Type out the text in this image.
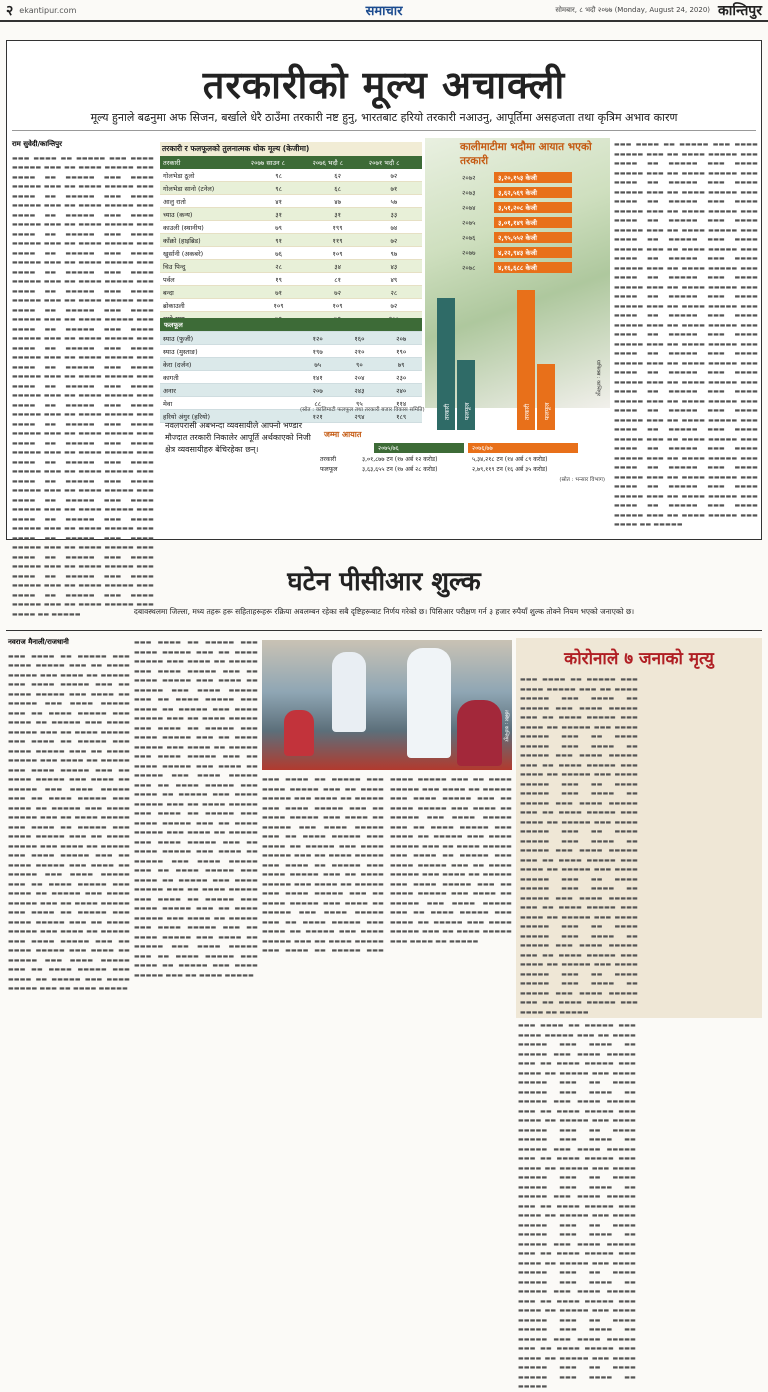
२ ekantipur.com	समाचार	सोमबार, ८ भदौ २०७७ (Monday, August 24, 2020) कान्तिपुर
तरकारीको मूल्य अचाक्ली
मूल्य हुनाले बढनुमा अफ सिजन, बर्खाले धेरै ठाउँमा तरकारी नष्ट हुनु, भारतबाट हरियो तरकारी नआउनु, आपूर्तिमा असहजता तथा कृत्रिम अभाव कारण
राम सुवेदी/कान्तिपुर
▬▬▬ ▬▬▬▬ ▬▬ ▬▬▬▬▬ ▬▬▬ ▬▬▬▬ ▬▬▬▬▬ ▬▬▬ ▬▬ ▬▬▬▬ ▬▬▬▬▬ ▬▬▬ ▬▬▬▬ ▬▬ ▬▬▬▬▬ ▬▬▬ ▬▬▬▬ ▬▬▬▬▬ ▬▬▬ ▬▬ ▬▬▬▬ ▬▬▬▬▬ ▬▬▬ ▬▬▬▬ ▬▬ ▬▬▬▬▬ ▬▬▬ ▬▬▬▬ ▬▬▬▬▬ ▬▬▬ ▬▬ ▬▬▬▬ ▬▬▬▬▬ ▬▬▬ ▬▬▬▬ ▬▬ ▬▬▬▬▬ ▬▬▬ ▬▬▬▬ ▬▬▬▬▬ ▬▬▬ ▬▬ ▬▬▬▬ ▬▬▬▬▬ ▬▬▬ ▬▬▬▬ ▬▬ ▬▬▬▬▬ ▬▬▬ ▬▬▬▬ ▬▬▬▬▬ ▬▬▬ ▬▬ ▬▬▬▬ ▬▬▬▬▬ ▬▬▬ ▬▬▬▬ ▬▬ ▬▬▬▬▬ ▬▬▬ ▬▬▬▬ ▬▬▬▬▬ ▬▬▬ ▬▬ ▬▬▬▬ ▬▬▬▬▬ ▬▬▬ ▬▬▬▬ ▬▬ ▬▬▬▬▬ ▬▬▬ ▬▬▬▬ ▬▬▬▬▬ ▬▬▬ ▬▬ ▬▬▬▬ ▬▬▬▬▬ ▬▬▬ ▬▬▬▬ ▬▬ ▬▬▬▬▬ ▬▬▬ ▬▬▬▬ ▬▬▬▬▬ ▬▬▬ ▬▬ ▬▬▬▬ ▬▬▬▬▬ ▬▬▬ ▬▬▬▬ ▬▬ ▬▬▬▬▬ ▬▬▬ ▬▬▬▬ ▬▬▬▬▬ ▬▬▬ ▬▬ ▬▬▬▬ ▬▬▬▬▬ ▬▬▬ ▬▬▬▬ ▬▬ ▬▬▬▬▬ ▬▬▬ ▬▬▬▬ ▬▬▬▬▬ ▬▬▬ ▬▬ ▬▬▬▬ ▬▬▬▬▬ ▬▬▬ ▬▬▬▬ ▬▬ ▬▬▬▬▬ ▬▬▬ ▬▬▬▬ ▬▬▬▬▬ ▬▬▬ ▬▬ ▬▬▬▬ ▬▬▬▬▬ ▬▬▬ ▬▬▬▬ ▬▬ ▬▬▬▬▬ ▬▬▬ ▬▬▬▬ ▬▬▬▬▬ ▬▬▬ ▬▬ ▬▬▬▬ ▬▬▬▬▬ ▬▬▬ ▬▬▬▬ ▬▬ ▬▬▬▬▬ ▬▬▬ ▬▬▬▬ ▬▬▬▬▬ ▬▬▬ ▬▬ ▬▬▬▬ ▬▬▬▬▬ ▬▬▬ ▬▬▬▬ ▬▬ ▬▬▬▬▬ ▬▬▬ ▬▬▬▬ ▬▬▬▬▬ ▬▬▬ ▬▬ ▬▬▬▬ ▬▬▬▬▬ ▬▬▬ ▬▬▬▬ ▬▬ ▬▬▬▬▬ ▬▬▬ ▬▬▬▬ ▬▬▬▬▬ ▬▬▬ ▬▬ ▬▬▬▬ ▬▬▬▬▬ ▬▬▬ ▬▬▬▬ ▬▬ ▬▬▬▬▬ ▬▬▬ ▬▬▬▬ ▬▬▬▬▬ ▬▬▬ ▬▬ ▬▬▬▬ ▬▬▬▬▬ ▬▬▬ ▬▬▬▬ ▬▬ ▬▬▬▬▬ ▬▬▬ ▬▬▬▬ ▬▬▬▬▬ ▬▬▬ ▬▬ ▬▬▬▬ ▬▬▬▬▬ ▬▬▬ ▬▬▬▬ ▬▬ ▬▬▬▬▬ ▬▬▬ ▬▬▬▬ ▬▬▬▬▬ ▬▬▬ ▬▬ ▬▬▬▬ ▬▬▬▬▬ ▬▬▬ ▬▬▬▬ ▬▬ ▬▬▬▬▬ ▬▬▬ ▬▬▬▬ ▬▬▬▬▬ ▬▬▬ ▬▬ ▬▬▬▬ ▬▬▬▬▬ ▬▬▬ ▬▬▬▬ ▬▬ ▬▬▬▬▬ ▬▬▬ ▬▬▬▬ ▬▬▬▬▬ ▬▬▬ ▬▬ ▬▬▬▬ ▬▬▬▬▬ ▬▬▬ ▬▬▬▬ ▬▬ ▬▬▬▬▬ ▬▬▬ ▬▬▬▬ ▬▬▬▬▬ ▬▬▬ ▬▬ ▬▬▬▬ ▬▬▬▬▬ ▬▬▬ ▬▬▬▬ ▬▬ ▬▬▬▬▬ ▬▬▬ ▬▬▬▬ ▬▬▬▬▬ ▬▬▬ ▬▬ ▬▬▬▬ ▬▬▬▬▬ ▬▬▬ ▬▬▬▬ ▬▬ ▬▬▬▬▬ ▬▬▬ ▬▬▬▬ ▬▬▬▬▬ ▬▬▬ ▬▬ ▬▬▬▬ ▬▬▬▬▬ ▬▬▬ ▬▬▬▬ ▬▬ ▬▬▬▬▬ ▬▬▬ ▬▬▬▬ ▬▬▬▬▬ ▬▬▬ ▬▬ ▬▬▬▬ ▬▬▬▬▬ ▬▬▬ ▬▬▬▬ ▬▬ ▬▬▬▬▬
तरकारी र फलफूलको तुलनात्मक थोक मूल्य (केजीमा)
तरकारी	२०७७ साउन ८	२०७६ भदौ ८	२०७१ भदौ ८
गोलभेडा ठूलो	९८	६२	७२
गोलभेडा सानो (टनेल)	९८	६८	७१
आलु रातो	४१	४७	५७
च्याउ (कन्य)	३१	३१	३३
काउली (स्थानीय)	७९	१९९	७४
काँक्रो (हाइब्रिड)	९१	११९	७२
खुर्सानी (अकबरे)	७६	१०९	९७
चिउ पिन्दु	२८	३४	४३
पर्वल	१९	८१	४९
बन्दा	७१	७२	२८
ब्रोकाउली	१०९	१०९	७२

फलफूल			
स्याउ (फुजी)	१२०	१६०	२०७
स्याउ (मुस्ताङ)	१९७	२१०	१९०
केरा (दर्जन)	७५	९०	७९
कागती	१४१	२०४	२३०
अनार	२०७	२४३	२४०
मेवा	८८	९५	११४
हरियो अंगुर (हरियो)	१२१	२९४	१८९
(स्रोत : कालिमाटी फलफूल तथा तरकारी बजार विकास समिति)
नवलपरासी अबभन्दा व्यवसायीले आफ्नो भण्डार मौज्दात तरकारी निकालेर आपूर्ति अर्थकाएको निजी क्षेत्र व्यवसायीहरु बेचिरहेका छन्।
कालीमाटीमा भदौमा आयात भएको तरकारी
२०७२	३,२०,१५३ केजी
२०७३	३,६२,५६९ केजी
२०७४	३,५१,२०८ केजी
२०७५	३,०१,१४९ केजी
२०७६	२,९५,५५२ केजी
२०७७	४,२२,९४३ केजी
२०७८	४,१६,६८८ केजी
तरकारी फलफूल	तरकारी फलफूल
ग्राफिक्स : कान्तिपुर
जम्मा आयात
२०७५/७६	२०७६/७७
तरकारी	३,०१,८७७ टन (१७ अर्ब १२ करोड)	५,३४,२१८ टन (१४ अर्ब ८९ करोड)
फलफूल	३,६३,६५५ टन (१७ अर्ब २८ करोड)	२,७९,११९ टन (१६ अर्ब ३५ करोड)
(स्रोत : भन्सार विभाग)
▬▬▬ ▬▬▬▬ ▬▬ ▬▬▬▬▬ ▬▬▬ ▬▬▬▬ ▬▬▬▬▬ ▬▬▬ ▬▬ ▬▬▬▬ ▬▬▬▬▬ ▬▬▬ ▬▬▬▬ ▬▬ ▬▬▬▬▬ ▬▬▬ ▬▬▬▬ ▬▬▬▬▬ ▬▬▬ ▬▬ ▬▬▬▬ ▬▬▬▬▬ ▬▬▬ ▬▬▬▬ ▬▬ ▬▬▬▬▬ ▬▬▬ ▬▬▬▬ ▬▬▬▬▬ ▬▬▬ ▬▬ ▬▬▬▬ ▬▬▬▬▬ ▬▬▬ ▬▬▬▬ ▬▬ ▬▬▬▬▬ ▬▬▬ ▬▬▬▬ ▬▬▬▬▬ ▬▬▬ ▬▬ ▬▬▬▬ ▬▬▬▬▬ ▬▬▬ ▬▬▬▬ ▬▬ ▬▬▬▬▬ ▬▬▬ ▬▬▬▬ ▬▬▬▬▬ ▬▬▬ ▬▬ ▬▬▬▬ ▬▬▬▬▬ ▬▬▬ ▬▬▬▬ ▬▬ ▬▬▬▬▬ ▬▬▬ ▬▬▬▬ ▬▬▬▬▬ ▬▬▬ ▬▬ ▬▬▬▬ ▬▬▬▬▬ ▬▬▬ ▬▬▬▬ ▬▬ ▬▬▬▬▬ ▬▬▬ ▬▬▬▬ ▬▬▬▬▬ ▬▬▬ ▬▬ ▬▬▬▬ ▬▬▬▬▬ ▬▬▬ ▬▬▬▬ ▬▬ ▬▬▬▬▬ ▬▬▬ ▬▬▬▬ ▬▬▬▬▬ ▬▬▬ ▬▬ ▬▬▬▬ ▬▬▬▬▬ ▬▬▬ ▬▬▬▬ ▬▬ ▬▬▬▬▬ ▬▬▬ ▬▬▬▬ ▬▬▬▬▬ ▬▬▬ ▬▬ ▬▬▬▬ ▬▬▬▬▬ ▬▬▬ ▬▬▬▬ ▬▬ ▬▬▬▬▬ ▬▬▬ ▬▬▬▬ ▬▬▬▬▬ ▬▬▬ ▬▬ ▬▬▬▬ ▬▬▬▬▬ ▬▬▬ ▬▬▬▬ ▬▬ ▬▬▬▬▬ ▬▬▬ ▬▬▬▬ ▬▬▬▬▬ ▬▬▬ ▬▬ ▬▬▬▬ ▬▬▬▬▬ ▬▬▬ ▬▬▬▬ ▬▬ ▬▬▬▬▬ ▬▬▬ ▬▬▬▬ ▬▬▬▬▬ ▬▬▬ ▬▬ ▬▬▬▬ ▬▬▬▬▬ ▬▬▬ ▬▬▬▬ ▬▬ ▬▬▬▬▬ ▬▬▬ ▬▬▬▬ ▬▬▬▬▬ ▬▬▬ ▬▬ ▬▬▬▬ ▬▬▬▬▬ ▬▬▬ ▬▬▬▬ ▬▬ ▬▬▬▬▬ ▬▬▬ ▬▬▬▬ ▬▬▬▬▬ ▬▬▬ ▬▬ ▬▬▬▬ ▬▬▬▬▬ ▬▬▬ ▬▬▬▬ ▬▬ ▬▬▬▬▬ ▬▬▬ ▬▬▬▬ ▬▬▬▬▬ ▬▬▬ ▬▬ ▬▬▬▬ ▬▬▬▬▬ ▬▬▬ ▬▬▬▬ ▬▬ ▬▬▬▬▬ ▬▬▬ ▬▬▬▬ ▬▬▬▬▬ ▬▬▬ ▬▬ ▬▬▬▬ ▬▬▬▬▬ ▬▬▬ ▬▬▬▬ ▬▬ ▬▬▬▬▬ ▬▬▬ ▬▬▬▬ ▬▬▬▬▬ ▬▬▬ ▬▬ ▬▬▬▬ ▬▬▬▬▬ ▬▬▬ ▬▬▬▬ ▬▬ ▬▬▬▬▬ ▬▬▬ ▬▬▬▬ ▬▬▬▬▬ ▬▬▬ ▬▬ ▬▬▬▬ ▬▬▬▬▬ ▬▬▬ ▬▬▬▬ ▬▬ ▬▬▬▬▬ ▬▬▬ ▬▬▬▬ ▬▬▬▬▬ ▬▬▬ ▬▬ ▬▬▬▬ ▬▬▬▬▬ ▬▬▬ ▬▬▬▬ ▬▬ ▬▬▬▬▬ ▬▬▬ ▬▬▬▬ ▬▬▬▬▬ ▬▬▬ ▬▬ ▬▬▬▬ ▬▬▬▬▬ ▬▬▬ ▬▬▬▬ ▬▬ ▬▬▬▬▬
घटेन पीसीआर शुल्क
दबावस्थलमा जिल्ला, मध्य तहरू हरू सहिताहरूहरू रक्रिया अवलम्बन रहेका सबै दृष्टिहरूबाट निर्णय गरेको छ। पिसिआर परीक्षण गर्न ३ हजार रुपैयाँ शुल्क तोक्ने नियम भएको जनाएको छ।
नवराज मैनाली/राजधानी
▬▬▬ ▬▬▬▬ ▬▬ ▬▬▬▬▬ ▬▬▬ ▬▬▬▬ ▬▬▬▬▬ ▬▬▬ ▬▬ ▬▬▬▬ ▬▬▬▬▬ ▬▬▬ ▬▬▬▬ ▬▬ ▬▬▬▬▬ ▬▬▬ ▬▬▬▬ ▬▬▬▬▬ ▬▬▬ ▬▬ ▬▬▬▬ ▬▬▬▬▬ ▬▬▬ ▬▬▬▬ ▬▬ ▬▬▬▬▬ ▬▬▬ ▬▬▬▬ ▬▬▬▬▬ ▬▬▬ ▬▬ ▬▬▬▬ ▬▬▬▬▬ ▬▬▬ ▬▬▬▬ ▬▬ ▬▬▬▬▬ ▬▬▬ ▬▬▬▬ ▬▬▬▬▬ ▬▬▬ ▬▬ ▬▬▬▬ ▬▬▬▬▬ ▬▬▬ ▬▬▬▬ ▬▬ ▬▬▬▬▬ ▬▬▬ ▬▬▬▬ ▬▬▬▬▬ ▬▬▬ ▬▬ ▬▬▬▬ ▬▬▬▬▬ ▬▬▬ ▬▬▬▬ ▬▬ ▬▬▬▬▬ ▬▬▬ ▬▬▬▬ ▬▬▬▬▬ ▬▬▬ ▬▬ ▬▬▬▬ ▬▬▬▬▬ ▬▬▬ ▬▬▬▬ ▬▬ ▬▬▬▬▬ ▬▬▬ ▬▬▬▬ ▬▬▬▬▬ ▬▬▬ ▬▬ ▬▬▬▬ ▬▬▬▬▬ ▬▬▬ ▬▬▬▬ ▬▬ ▬▬▬▬▬ ▬▬▬ ▬▬▬▬ ▬▬▬▬▬ ▬▬▬ ▬▬ ▬▬▬▬ ▬▬▬▬▬ ▬▬▬ ▬▬▬▬ ▬▬ ▬▬▬▬▬ ▬▬▬ ▬▬▬▬ ▬▬▬▬▬ ▬▬▬ ▬▬ ▬▬▬▬ ▬▬▬▬▬ ▬▬▬ ▬▬▬▬ ▬▬ ▬▬▬▬▬ ▬▬▬ ▬▬▬▬ ▬▬▬▬▬ ▬▬▬ ▬▬ ▬▬▬▬ ▬▬▬▬▬ ▬▬▬ ▬▬▬▬ ▬▬ ▬▬▬▬▬ ▬▬▬ ▬▬▬▬ ▬▬▬▬▬ ▬▬▬ ▬▬ ▬▬▬▬ ▬▬▬▬▬ ▬▬▬ ▬▬▬▬ ▬▬ ▬▬▬▬▬ ▬▬▬ ▬▬▬▬ ▬▬▬▬▬ ▬▬▬ ▬▬ ▬▬▬▬ ▬▬▬▬▬ ▬▬▬ ▬▬▬▬ ▬▬ ▬▬▬▬▬ ▬▬▬ ▬▬▬▬ ▬▬▬▬▬ ▬▬▬ ▬▬ ▬▬▬▬ ▬▬▬▬▬ ▬▬▬ ▬▬▬▬ ▬▬ ▬▬▬▬▬ ▬▬▬ ▬▬▬▬ ▬▬▬▬▬ ▬▬▬ ▬▬ ▬▬▬▬ ▬▬▬▬▬ ▬▬▬ ▬▬▬▬ ▬▬ ▬▬▬▬▬ ▬▬▬ ▬▬▬▬ ▬▬▬▬▬ ▬▬▬ ▬▬ ▬▬▬▬ ▬▬▬▬▬ ▬▬▬ ▬▬▬▬ ▬▬ ▬▬▬▬▬ ▬▬▬ ▬▬▬▬ ▬▬▬▬▬ ▬▬▬ ▬▬ ▬▬▬▬ ▬▬▬▬▬
▬▬▬ ▬▬▬▬ ▬▬ ▬▬▬▬▬ ▬▬▬ ▬▬▬▬ ▬▬▬▬▬ ▬▬▬ ▬▬ ▬▬▬▬ ▬▬▬▬▬ ▬▬▬ ▬▬▬▬ ▬▬ ▬▬▬▬▬ ▬▬▬ ▬▬▬▬ ▬▬▬▬▬ ▬▬▬ ▬▬ ▬▬▬▬ ▬▬▬▬▬ ▬▬▬ ▬▬▬▬ ▬▬ ▬▬▬▬▬ ▬▬▬ ▬▬▬▬ ▬▬▬▬▬ ▬▬▬ ▬▬ ▬▬▬▬ ▬▬▬▬▬ ▬▬▬ ▬▬▬▬ ▬▬ ▬▬▬▬▬ ▬▬▬ ▬▬▬▬ ▬▬▬▬▬ ▬▬▬ ▬▬ ▬▬▬▬ ▬▬▬▬▬ ▬▬▬ ▬▬▬▬ ▬▬ ▬▬▬▬▬ ▬▬▬ ▬▬▬▬ ▬▬▬▬▬ ▬▬▬ ▬▬ ▬▬▬▬ ▬▬▬▬▬ ▬▬▬ ▬▬▬▬ ▬▬ ▬▬▬▬▬ ▬▬▬ ▬▬▬▬ ▬▬▬▬▬ ▬▬▬ ▬▬ ▬▬▬▬ ▬▬▬▬▬ ▬▬▬ ▬▬▬▬ ▬▬ ▬▬▬▬▬ ▬▬▬ ▬▬▬▬ ▬▬▬▬▬ ▬▬▬ ▬▬ ▬▬▬▬ ▬▬▬▬▬ ▬▬▬ ▬▬▬▬ ▬▬ ▬▬▬▬▬ ▬▬▬ ▬▬▬▬ ▬▬▬▬▬ ▬▬▬ ▬▬ ▬▬▬▬ ▬▬▬▬▬ ▬▬▬ ▬▬▬▬ ▬▬ ▬▬▬▬▬ ▬▬▬ ▬▬▬▬ ▬▬▬▬▬ ▬▬▬ ▬▬ ▬▬▬▬ ▬▬▬▬▬ ▬▬▬ ▬▬▬▬ ▬▬ ▬▬▬▬▬ ▬▬▬ ▬▬▬▬ ▬▬▬▬▬ ▬▬▬ ▬▬ ▬▬▬▬ ▬▬▬▬▬ ▬▬▬ ▬▬▬▬ ▬▬ ▬▬▬▬▬ ▬▬▬ ▬▬▬▬ ▬▬▬▬▬ ▬▬▬ ▬▬ ▬▬▬▬ ▬▬▬▬▬ ▬▬▬ ▬▬▬▬ ▬▬ ▬▬▬▬▬ ▬▬▬ ▬▬▬▬ ▬▬▬▬▬ ▬▬▬ ▬▬ ▬▬▬▬ ▬▬▬▬▬ ▬▬▬ ▬▬▬▬ ▬▬ ▬▬▬▬▬ ▬▬▬ ▬▬▬▬ ▬▬▬▬▬ ▬▬▬ ▬▬ ▬▬▬▬ ▬▬▬▬▬ ▬▬▬ ▬▬▬▬ ▬▬ ▬▬▬▬▬ ▬▬▬ ▬▬▬▬ ▬▬▬▬▬ ▬▬▬ ▬▬ ▬▬▬▬ ▬▬▬▬▬ ▬▬▬ ▬▬▬▬ ▬▬ ▬▬▬▬▬ ▬▬▬ ▬▬▬▬ ▬▬▬▬▬ ▬▬▬ ▬▬ ▬▬▬▬ ▬▬▬▬▬ ▬▬▬ ▬▬▬▬ ▬▬ ▬▬▬▬▬ ▬▬▬ ▬▬▬▬ ▬▬▬▬▬ ▬▬▬ ▬▬ ▬▬▬▬ ▬▬▬▬▬
तस्बिर : कान्तिपुर
▬▬▬ ▬▬▬▬ ▬▬ ▬▬▬▬▬ ▬▬▬ ▬▬▬▬ ▬▬▬▬▬ ▬▬▬ ▬▬ ▬▬▬▬ ▬▬▬▬▬ ▬▬▬ ▬▬▬▬ ▬▬ ▬▬▬▬▬ ▬▬▬ ▬▬▬▬ ▬▬▬▬▬ ▬▬▬ ▬▬ ▬▬▬▬ ▬▬▬▬▬ ▬▬▬ ▬▬▬▬ ▬▬ ▬▬▬▬▬ ▬▬▬ ▬▬▬▬ ▬▬▬▬▬ ▬▬▬ ▬▬ ▬▬▬▬ ▬▬▬▬▬ ▬▬▬ ▬▬▬▬ ▬▬ ▬▬▬▬▬ ▬▬▬ ▬▬▬▬ ▬▬▬▬▬ ▬▬▬ ▬▬ ▬▬▬▬ ▬▬▬▬▬ ▬▬▬ ▬▬▬▬ ▬▬ ▬▬▬▬▬ ▬▬▬ ▬▬▬▬ ▬▬▬▬▬ ▬▬▬ ▬▬ ▬▬▬▬ ▬▬▬▬▬ ▬▬▬ ▬▬▬▬ ▬▬ ▬▬▬▬▬ ▬▬▬ ▬▬▬▬ ▬▬▬▬▬ ▬▬▬ ▬▬ ▬▬▬▬ ▬▬▬▬▬ ▬▬▬ ▬▬▬▬ ▬▬ ▬▬▬▬▬ ▬▬▬ ▬▬▬▬ ▬▬▬▬▬ ▬▬▬ ▬▬ ▬▬▬▬ ▬▬▬▬▬ ▬▬▬ ▬▬▬▬ ▬▬ ▬▬▬▬▬ ▬▬▬ ▬▬▬▬ ▬▬▬▬▬ ▬▬▬ ▬▬ ▬▬▬▬ ▬▬▬▬▬ ▬▬▬ ▬▬▬▬ ▬▬ ▬▬▬▬▬ ▬▬▬ ▬▬▬▬ ▬▬▬▬▬ ▬▬▬ ▬▬ ▬▬▬▬ ▬▬▬▬▬ ▬▬▬ ▬▬▬▬ ▬▬ ▬▬▬▬▬ ▬▬▬ ▬▬▬▬ ▬▬▬▬▬ ▬▬▬ ▬▬ ▬▬▬▬ ▬▬▬▬▬ ▬▬▬ ▬▬▬▬ ▬▬ ▬▬▬▬▬ ▬▬▬ ▬▬▬▬ ▬▬▬▬▬ ▬▬▬ ▬▬ ▬▬▬▬ ▬▬▬▬▬ ▬▬▬ ▬▬▬▬ ▬▬ ▬▬▬▬▬ ▬▬▬ ▬▬▬▬ ▬▬▬▬▬ ▬▬▬ ▬▬ ▬▬▬▬ ▬▬▬▬▬ ▬▬▬ ▬▬▬▬ ▬▬ ▬▬▬▬▬ ▬▬▬ ▬▬▬▬ ▬▬▬▬▬ ▬▬▬ ▬▬ ▬▬▬▬ ▬▬▬▬▬ ▬▬▬ ▬▬▬▬ ▬▬ ▬▬▬▬▬ ▬▬▬ ▬▬▬▬ ▬▬▬▬▬ ▬▬▬ ▬▬ ▬▬▬▬ ▬▬▬▬▬ ▬▬▬ ▬▬▬▬ ▬▬ ▬▬▬▬▬ ▬▬▬ ▬▬▬▬ ▬▬▬▬▬ ▬▬▬ ▬▬ ▬▬▬▬ ▬▬▬▬▬ ▬▬▬ ▬▬▬▬ ▬▬ ▬▬▬▬▬ ▬▬▬ ▬▬▬▬ ▬▬▬▬▬ ▬▬▬ ▬▬ ▬▬▬▬ ▬▬▬▬▬ ▬▬▬ ▬▬▬▬ ▬▬ ▬▬▬▬▬
कोरोनाले ७ जनाको मृत्यु
▬▬▬ ▬▬▬▬ ▬▬ ▬▬▬▬▬ ▬▬▬ ▬▬▬▬ ▬▬▬▬▬ ▬▬▬ ▬▬ ▬▬▬▬ ▬▬▬▬▬ ▬▬▬ ▬▬▬▬ ▬▬ ▬▬▬▬▬ ▬▬▬ ▬▬▬▬ ▬▬▬▬▬ ▬▬▬ ▬▬ ▬▬▬▬ ▬▬▬▬▬ ▬▬▬ ▬▬▬▬ ▬▬ ▬▬▬▬▬ ▬▬▬ ▬▬▬▬ ▬▬▬▬▬ ▬▬▬ ▬▬ ▬▬▬▬ ▬▬▬▬▬ ▬▬▬ ▬▬▬▬ ▬▬ ▬▬▬▬▬ ▬▬▬ ▬▬▬▬ ▬▬▬▬▬ ▬▬▬ ▬▬ ▬▬▬▬ ▬▬▬▬▬ ▬▬▬ ▬▬▬▬ ▬▬ ▬▬▬▬▬ ▬▬▬ ▬▬▬▬ ▬▬▬▬▬ ▬▬▬ ▬▬ ▬▬▬▬ ▬▬▬▬▬ ▬▬▬ ▬▬▬▬ ▬▬ ▬▬▬▬▬ ▬▬▬ ▬▬▬▬ ▬▬▬▬▬ ▬▬▬ ▬▬ ▬▬▬▬ ▬▬▬▬▬ ▬▬▬ ▬▬▬▬ ▬▬ ▬▬▬▬▬ ▬▬▬ ▬▬▬▬ ▬▬▬▬▬ ▬▬▬ ▬▬ ▬▬▬▬ ▬▬▬▬▬ ▬▬▬ ▬▬▬▬ ▬▬ ▬▬▬▬▬ ▬▬▬ ▬▬▬▬ ▬▬▬▬▬ ▬▬▬ ▬▬ ▬▬▬▬ ▬▬▬▬▬ ▬▬▬ ▬▬▬▬ ▬▬ ▬▬▬▬▬ ▬▬▬ ▬▬▬▬ ▬▬▬▬▬ ▬▬▬ ▬▬ ▬▬▬▬ ▬▬▬▬▬ ▬▬▬ ▬▬▬▬ ▬▬ ▬▬▬▬▬ ▬▬▬ ▬▬▬▬ ▬▬▬▬▬ ▬▬▬ ▬▬ ▬▬▬▬ ▬▬▬▬▬ ▬▬▬ ▬▬▬▬ ▬▬ ▬▬▬▬▬ ▬▬▬ ▬▬▬▬ ▬▬▬▬▬ ▬▬▬ ▬▬ ▬▬▬▬ ▬▬▬▬▬ ▬▬▬ ▬▬▬▬ ▬▬ ▬▬▬▬▬ ▬▬▬ ▬▬▬▬ ▬▬▬▬▬ ▬▬▬ ▬▬ ▬▬▬▬ ▬▬▬▬▬ ▬▬▬ ▬▬▬▬ ▬▬ ▬▬▬▬▬ ▬▬▬ ▬▬▬▬ ▬▬▬▬▬ ▬▬▬ ▬▬ ▬▬▬▬ ▬▬▬▬▬ ▬▬▬ ▬▬▬▬ ▬▬ ▬▬▬▬▬ ▬▬▬ ▬▬▬▬ ▬▬▬▬▬ ▬▬▬ ▬▬ ▬▬▬▬ ▬▬▬▬▬ ▬▬▬ ▬▬▬▬ ▬▬ ▬▬▬▬▬

▬▬▬ ▬▬▬▬ ▬▬ ▬▬▬▬▬ ▬▬▬ ▬▬▬▬ ▬▬▬▬▬ ▬▬▬ ▬▬ ▬▬▬▬ ▬▬▬▬▬ ▬▬▬ ▬▬▬▬ ▬▬ ▬▬▬▬▬ ▬▬▬ ▬▬▬▬ ▬▬▬▬▬ ▬▬▬ ▬▬ ▬▬▬▬ ▬▬▬▬▬ ▬▬▬ ▬▬▬▬ ▬▬ ▬▬▬▬▬ ▬▬▬ ▬▬▬▬ ▬▬▬▬▬ ▬▬▬ ▬▬ ▬▬▬▬ ▬▬▬▬▬ ▬▬▬ ▬▬▬▬ ▬▬ ▬▬▬▬▬ ▬▬▬ ▬▬▬▬ ▬▬▬▬▬ ▬▬▬ ▬▬ ▬▬▬▬ ▬▬▬▬▬ ▬▬▬ ▬▬▬▬ ▬▬ ▬▬▬▬▬ ▬▬▬ ▬▬▬▬ ▬▬▬▬▬ ▬▬▬ ▬▬ ▬▬▬▬ ▬▬▬▬▬ ▬▬▬ ▬▬▬▬ ▬▬ ▬▬▬▬▬ ▬▬▬ ▬▬▬▬ ▬▬▬▬▬ ▬▬▬ ▬▬ ▬▬▬▬ ▬▬▬▬▬ ▬▬▬ ▬▬▬▬ ▬▬ ▬▬▬▬▬ ▬▬▬ ▬▬▬▬ ▬▬▬▬▬ ▬▬▬ ▬▬ ▬▬▬▬ ▬▬▬▬▬ ▬▬▬ ▬▬▬▬ ▬▬ ▬▬▬▬▬ ▬▬▬ ▬▬▬▬ ▬▬▬▬▬ ▬▬▬ ▬▬ ▬▬▬▬ ▬▬▬▬▬ ▬▬▬ ▬▬▬▬ ▬▬ ▬▬▬▬▬ ▬▬▬ ▬▬▬▬ ▬▬▬▬▬ ▬▬▬ ▬▬ ▬▬▬▬ ▬▬▬▬▬ ▬▬▬ ▬▬▬▬ ▬▬ ▬▬▬▬▬ ▬▬▬ ▬▬▬▬ ▬▬▬▬▬ ▬▬▬ ▬▬ ▬▬▬▬ ▬▬▬▬▬ ▬▬▬ ▬▬▬▬ ▬▬ ▬▬▬▬▬ ▬▬▬ ▬▬▬▬ ▬▬▬▬▬ ▬▬▬ ▬▬ ▬▬▬▬ ▬▬▬▬▬ ▬▬▬ ▬▬▬▬ ▬▬ ▬▬▬▬▬ ▬▬▬ ▬▬▬▬ ▬▬▬▬▬ ▬▬▬ ▬▬ ▬▬▬▬ ▬▬▬▬▬ ▬▬▬ ▬▬▬▬ ▬▬ ▬▬▬▬▬ ▬▬▬ ▬▬▬▬ ▬▬▬▬▬ ▬▬▬ ▬▬ ▬▬▬▬ ▬▬▬▬▬ ▬▬▬ ▬▬▬▬ ▬▬ ▬▬▬▬▬ ▬▬▬ ▬▬▬▬ ▬▬▬▬▬ ▬▬▬ ▬▬ ▬▬▬▬ ▬▬▬▬▬ ▬▬▬ ▬▬▬▬ ▬▬ ▬▬▬▬▬ ▬▬▬ ▬▬▬▬ ▬▬▬▬▬ ▬▬▬ ▬▬ ▬▬▬▬ ▬▬▬▬▬ ▬▬▬ ▬▬▬▬ ▬▬ ▬▬▬▬▬
